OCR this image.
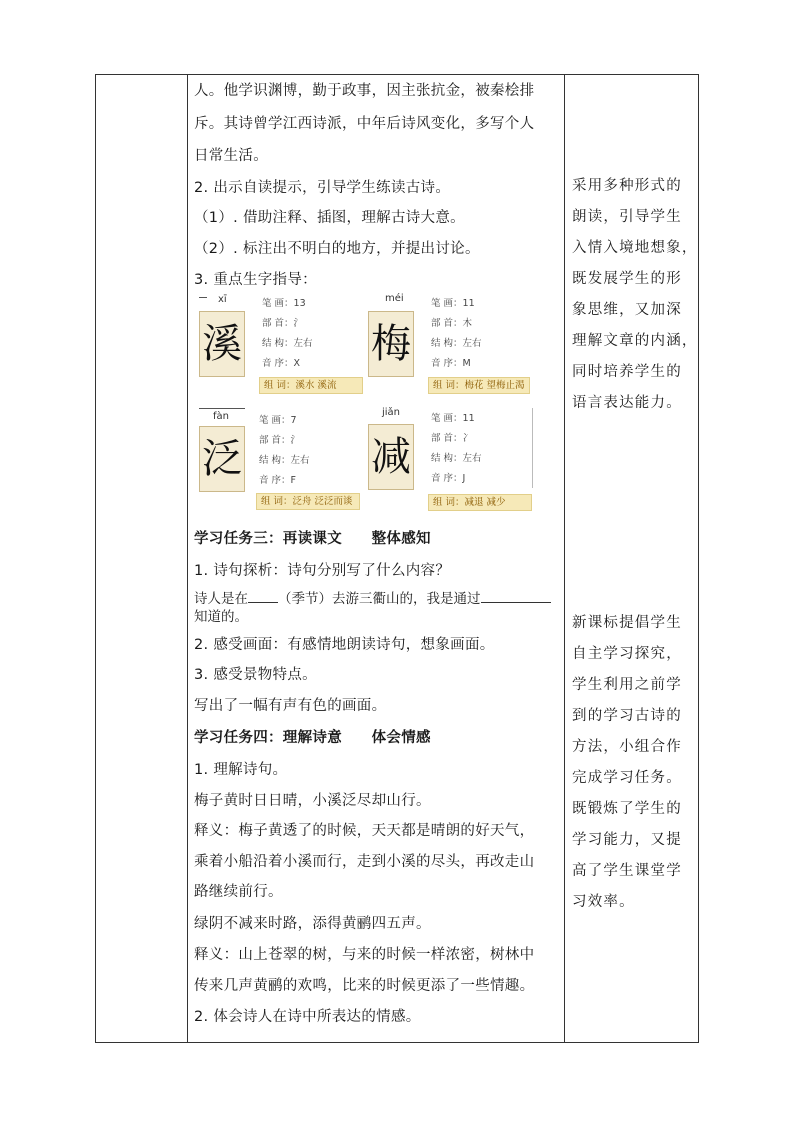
人。他学识渊博，勤于政事，因主张抗金，被秦桧排
斥。其诗曾学江西诗派，中年后诗风变化，多写个人
日常生活。
2. 出示自读提示，引导学生练读古诗。
（1）. 借助注释、插图，理解古诗大意。
（2）. 标注出不明白的地方，并提出讨论。
3. 重点生字指导：
xī
溪
笔 画：13
部 首：氵
结 构：左右
音 序：X
组 词：溪水 溪流
méi
梅
笔 画：11
部 首：木
结 构：左右
音 序：M
组 词：梅花 望梅止渴
fàn
泛
笔 画：7
部 首：氵
结 构：左右
音 序：F
组 词：泛舟 泛泛而谈
jiǎn
减
笔 画：11
部 首：冫
结 构：左右
音 序：J
组 词：减退 减少
学习任务三：再读课文　　整体感知
1. 诗句探析：诗句分别写了什么内容？
诗人是在 （季节）去游三衢山的，我是通过
知道的。
2. 感受画面：有感情地朗读诗句，想象画面。
3. 感受景物特点。
写出了一幅有声有色的画面。
学习任务四：理解诗意　　体会情感
1. 理解诗句。
梅子黄时日日晴，小溪泛尽却山行。
释义：梅子黄透了的时候，天天都是晴朗的好天气，
乘着小船沿着小溪而行，走到小溪的尽头，再改走山
路继续前行。
绿阴不减来时路，添得黄鹂四五声。
释义：山上苍翠的树，与来的时候一样浓密，树林中
传来几声黄鹂的欢鸣，比来的时候更添了一些情趣。
2. 体会诗人在诗中所表达的情感。
采用多种形式的
朗读，引导学生
入情入境地想象，
既发展学生的形
象思维，又加深
理解文章的内涵，
同时培养学生的
语言表达能力。
新课标提倡学生
自主学习探究，
学生利用之前学
到的学习古诗的
方法，小组合作
完成学习任务。
既锻炼了学生的
学习能力，又提
高了学生课堂学
习效率。
